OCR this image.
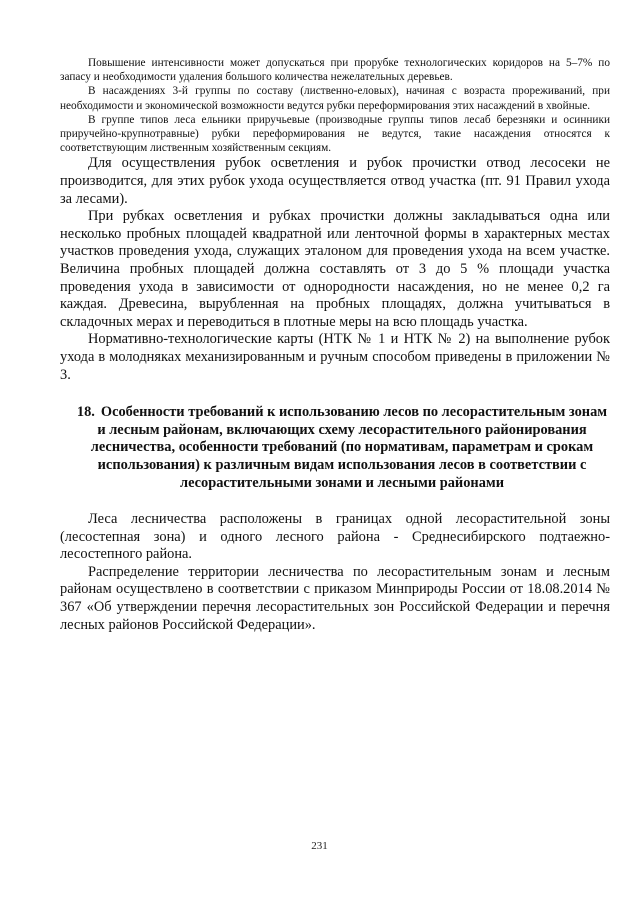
Повышение интенсивности может допускаться при прорубке технологических коридоров на 5–7% по запасу и необходимости удаления большого количества нежелательных деревьев.

В насаждениях 3-й группы по составу (лиственно-еловых), начиная с возраста прореживаний, при необходимости и экономической возможности ведутся рубки переформирования этих насаждений в хвойные.

В группе типов леса ельники приручьевые (производные группы типов лесаб березняки и осинники приручейно-крупнотравные) рубки переформирования не ведутся, такие насаждения относятся к соответствующим лиственным хозяйственным секциям.

Для осуществления рубок осветления и рубок прочистки отвод лесосеки не производится, для этих рубок ухода осуществляется отвод участка (пт. 91 Правил ухода за лесами).

При рубках осветления и рубках прочистки должны закладываться одна или несколько пробных площадей квадратной или ленточной формы в характерных местах участков проведения ухода, служащих эталоном для проведения ухода на всем участке. Величина пробных площадей должна составлять от 3 до 5 % площади участка проведения ухода в зависимости от однородности насаждения, но не менее 0,2 га каждая. Древесина, вырубленная на пробных площадях, должна учитываться в складочных мерах и переводиться в плотные меры на всю площадь участка.

Нормативно-технологические карты (НТК № 1 и НТК № 2) на выполнение рубок ухода в молодняках механизированным и ручным способом приведены в приложении № 3.

18. Особенности требований к использованию лесов по лесорастительным зонам и лесным районам, включающих схему лесорастительного районирования лесничества, особенности требований (по нормативам, параметрам и срокам использования) к различным видам использования лесов в соответствии с лесорастительными зонами и лесными районами

Леса лесничества расположены в границах одной лесорастительной зоны (лесостепная зона) и одного лесного района - Среднесибирского подтаежно-лесостепного района.

Распределение территории лесничества по лесорастительным зонам и лесным районам осуществлено в соответствии с приказом Минприроды России от 18.08.2014 № 367 «Об утверждении перечня лесорастительных зон Российской Федерации и перечня лесных районов Российской Федерации».

231
